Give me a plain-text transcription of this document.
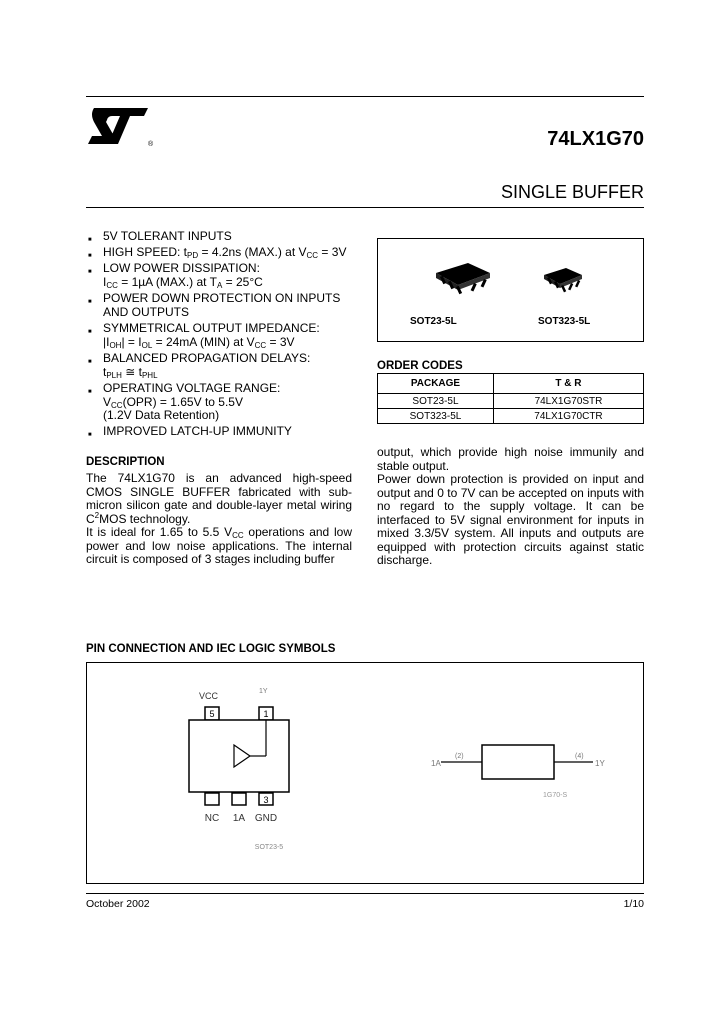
®	74LX1G70
SINGLE BUFFER
■ 5V TOLERANT INPUTS
■ HIGH SPEED: $t_{PD} = 4.2ns$ (MAX.) at $V_{CC} = 3V$
■ LOW POWER DISSIPATION:
$I_{CC} = 1\mu A$ (MAX.) at $T_A = 25^\circ C$
■ POWER DOWN PROTECTION ON INPUTS
AND OUTPUTS
■ SYMMETRICAL OUTPUT IMPEDANCE:
$|I_{OH}| = I_{OL} = 24mA$ (MIN) at $V_{CC} = 3V$
■ BALANCED PROPAGATION DELAYS:
$t_{PLH}$ ≅ $t_{PHL}$
■ OPERATING VOLTAGE RANGE:
$V_{CC}(OPR) = 1.65V$ to 5.5V
(1.2V Data Retention)
■ IMPROVED LATCH-UP IMMUNITY
SOT23-5L	SOT323-5L
ORDER CODES
PACKAGE	T & R
SOT23-5L	74LX1G70STR
SOT323-5L	74LX1G70CTR
DESCRIPTION
The 74LX1G70 is an advanced high-speed CMOS SINGLE BUFFER fabricated with sub-micron silicon gate and double-layer metal wiring $C^2MOS$ technology.
It is ideal for 1.65 to 5.5 $V_{CC}$ operations and low power and low noise applications. The internal circuit is composed of 3 stages including buffer
output, which provide high noise immunily and stable output.
Power down protection is provided on input and output and 0 to 7V can be accepted on inputs with no regard to the supply voltage. It can be interfaced to 5V signal environment for inputs in mixed 3.3/5V system. All inputs and outputs are equipped with protection circuits against static discharge.
PIN CONNECTION AND IEC LOGIC SYMBOLS
VCC	1Y
5	1
3
NC 1A GND
SOT23-5
1A
(2)	(4)
1Y
1G70-S
October 2002	1/10
